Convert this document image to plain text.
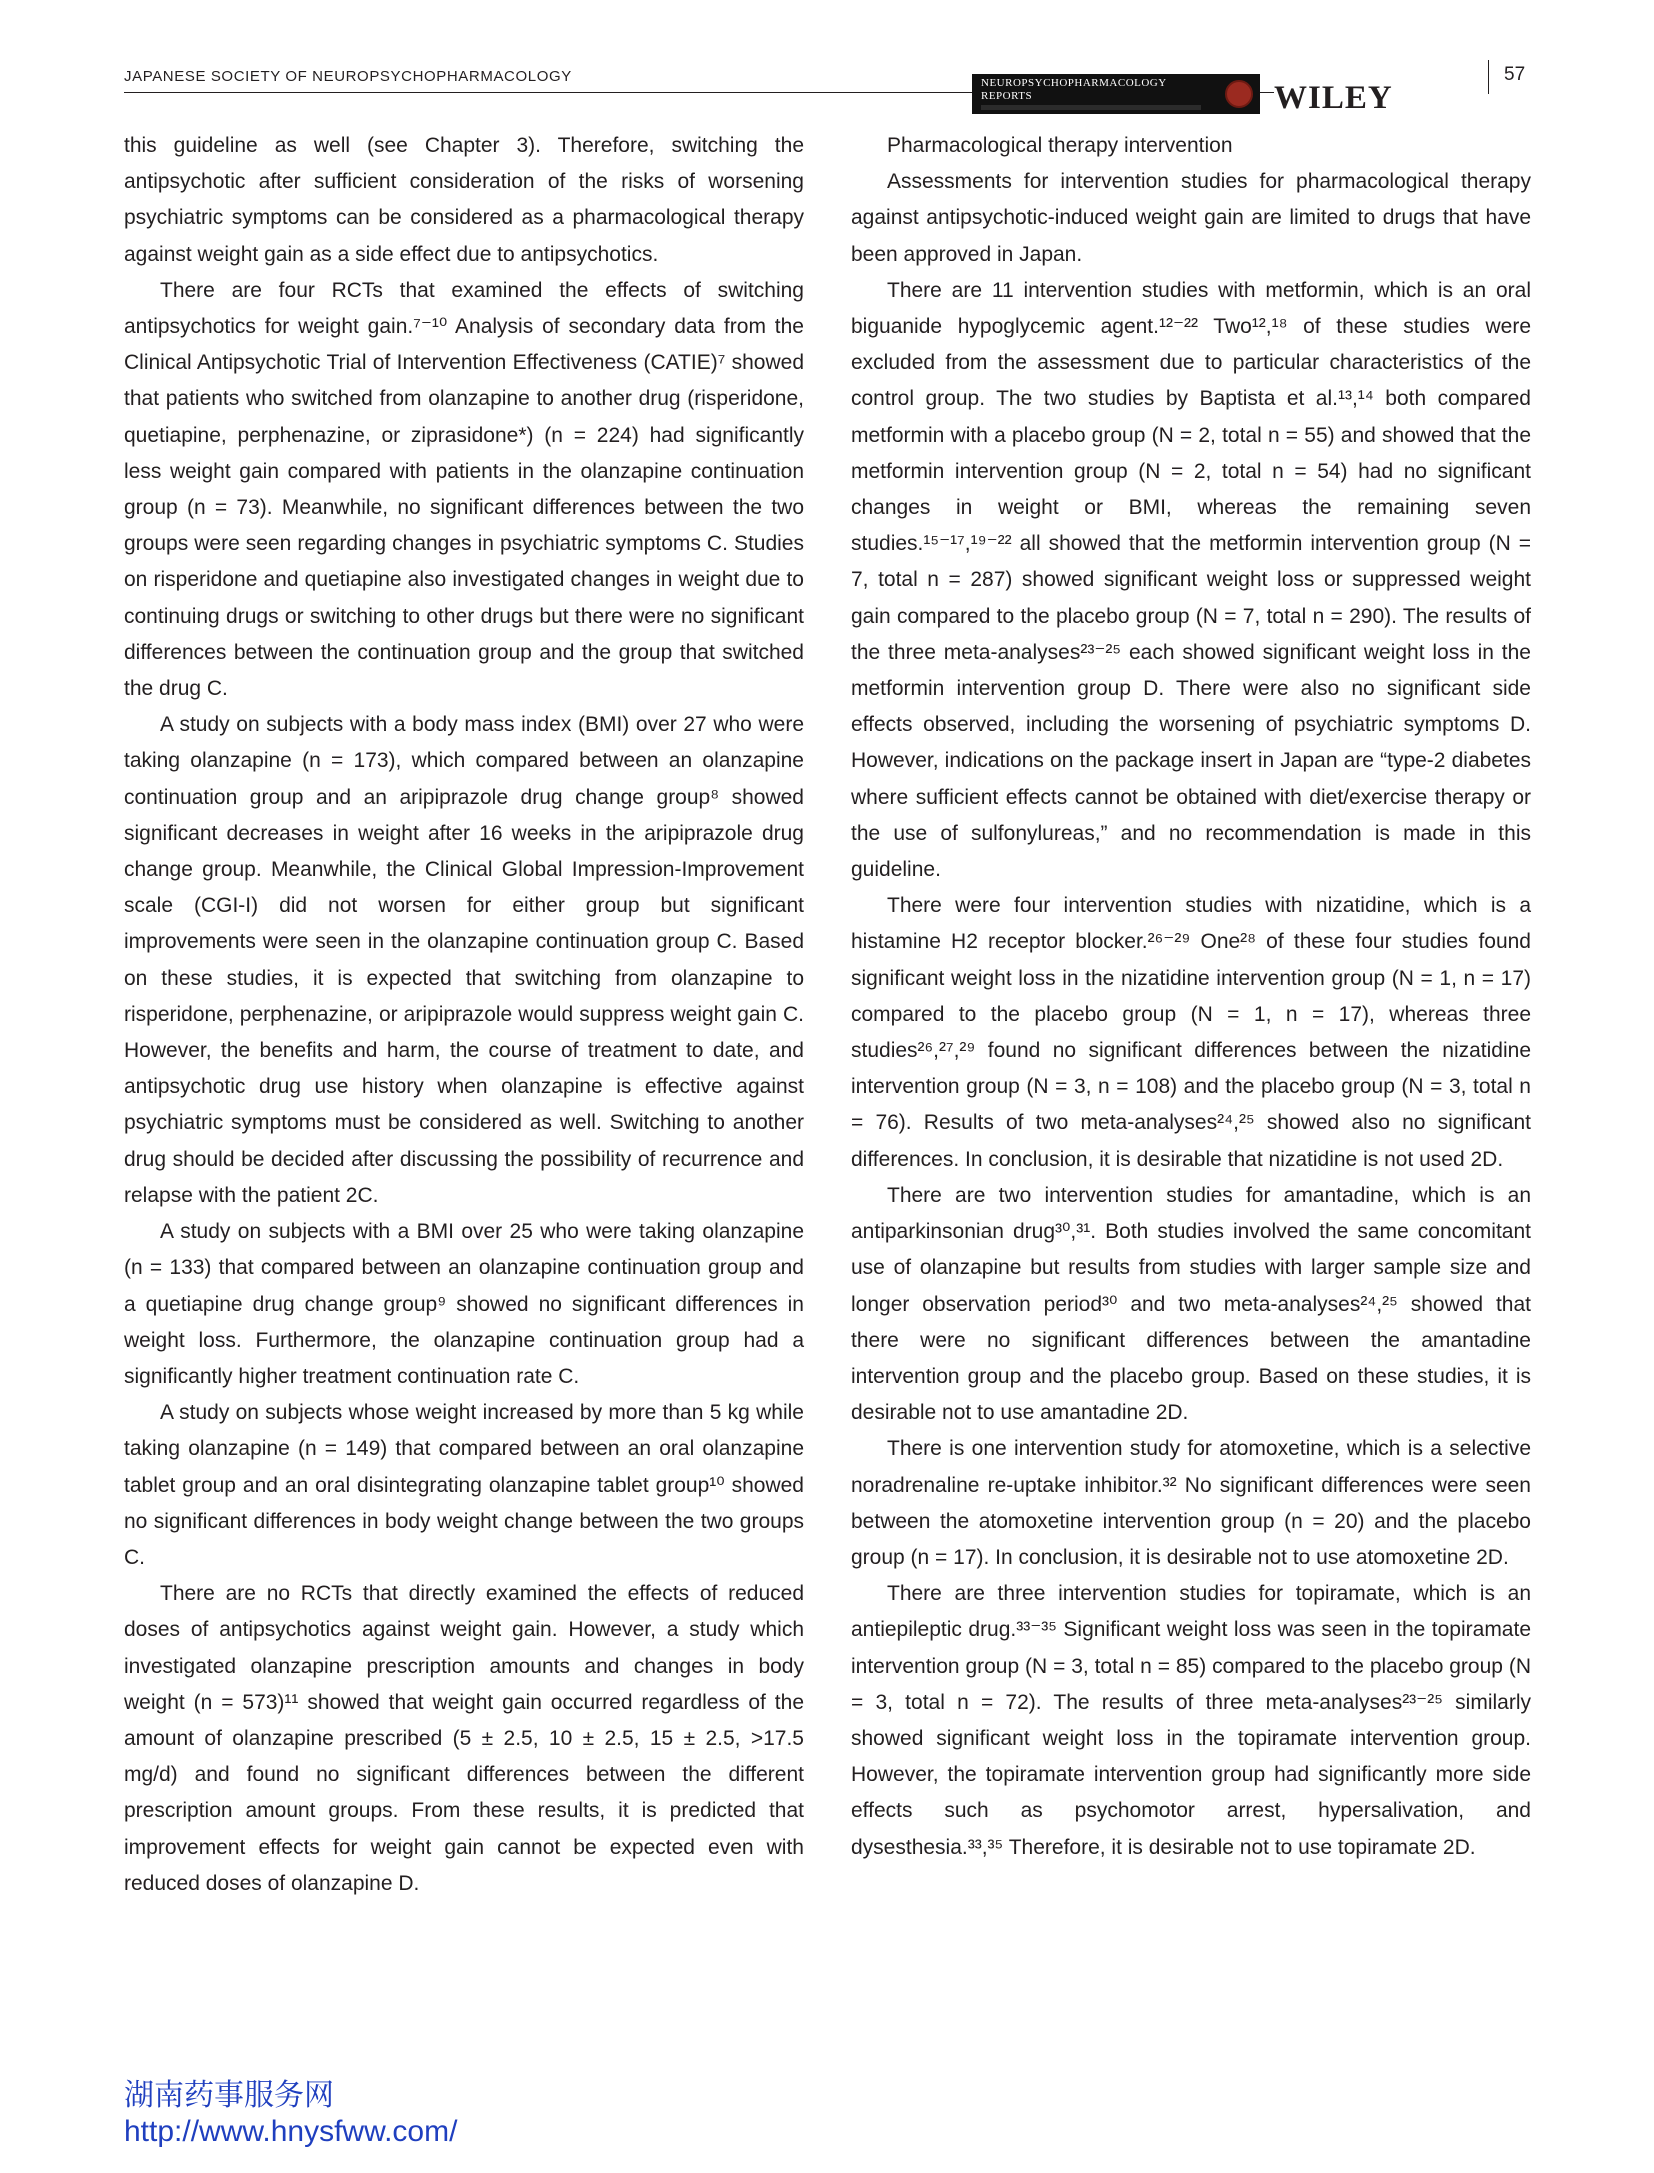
JAPANESE SOCIETY OF NEUROPSYCHOPHARMACOLOGY	NEUROPSYCHOPHARMACOLOGY
REPORTS	WILEY
57

this guideline as well (see Chapter 3). Therefore, switching the antipsychotic after sufficient consideration of the risks of worsening psychiatric symptoms can be considered as a pharmacological therapy against weight gain as a side effect due to antipsychotics.

There are four RCTs that examined the effects of switching antipsychotics for weight gain.⁷⁻¹⁰ Analysis of secondary data from the Clinical Antipsychotic Trial of Intervention Effectiveness (CATIE)⁷ showed that patients who switched from olanzapine to another drug (risperidone, quetiapine, perphenazine, or ziprasidone*) (n = 224) had significantly less weight gain compared with patients in the olanzapine continuation group (n = 73). Meanwhile, no significant differences between the two groups were seen regarding changes in psychiatric symptoms C. Studies on risperidone and quetiapine also investigated changes in weight due to continuing drugs or switching to other drugs but there were no significant differences between the continuation group and the group that switched the drug C.

A study on subjects with a body mass index (BMI) over 27 who were taking olanzapine (n = 173), which compared between an olanzapine continuation group and an aripiprazole drug change group⁸ showed significant decreases in weight after 16 weeks in the aripiprazole drug change group. Meanwhile, the Clinical Global Impression-Improvement scale (CGI-I) did not worsen for either group but significant improvements were seen in the olanzapine continuation group C. Based on these studies, it is expected that switching from olanzapine to risperidone, perphenazine, or aripiprazole would suppress weight gain C. However, the benefits and harm, the course of treatment to date, and antipsychotic drug use history when olanzapine is effective against psychiatric symptoms must be considered as well. Switching to another drug should be decided after discussing the possibility of recurrence and relapse with the patient 2C.

A study on subjects with a BMI over 25 who were taking olanzapine (n = 133) that compared between an olanzapine continuation group and a quetiapine drug change group⁹ showed no significant differences in weight loss. Furthermore, the olanzapine continuation group had a significantly higher treatment continuation rate C.

A study on subjects whose weight increased by more than 5 kg while taking olanzapine (n = 149) that compared between an oral olanzapine tablet group and an oral disintegrating olanzapine tablet group¹⁰ showed no significant differences in body weight change between the two groups C.

There are no RCTs that directly examined the effects of reduced doses of antipsychotics against weight gain. However, a study which investigated olanzapine prescription amounts and changes in body weight (n = 573)¹¹ showed that weight gain occurred regardless of the amount of olanzapine prescribed (5 ± 2.5, 10 ± 2.5, 15 ± 2.5, >17.5 mg/d) and found no significant differences between the different prescription amount groups. From these results, it is predicted that improvement effects for weight gain cannot be expected even with reduced doses of olanzapine D.

Pharmacological therapy intervention

Assessments for intervention studies for pharmacological therapy against antipsychotic-induced weight gain are limited to drugs that have been approved in Japan.

There are 11 intervention studies with metformin, which is an oral biguanide hypoglycemic agent.¹²⁻²² Two¹²,¹⁸ of these studies were excluded from the assessment due to particular characteristics of the control group. The two studies by Baptista et al.¹³,¹⁴ both compared metformin with a placebo group (N = 2, total n = 55) and showed that the metformin intervention group (N = 2, total n = 54) had no significant changes in weight or BMI, whereas the remaining seven studies.¹⁵⁻¹⁷,¹⁹⁻²² all showed that the metformin intervention group (N = 7, total n = 287) showed significant weight loss or suppressed weight gain compared to the placebo group (N = 7, total n = 290). The results of the three meta-analyses²³⁻²⁵ each showed significant weight loss in the metformin intervention group D. There were also no significant side effects observed, including the worsening of psychiatric symptoms D. However, indications on the package insert in Japan are “type-2 diabetes where sufficient effects cannot be obtained with diet/exercise therapy or the use of sulfonylureas,” and no recommendation is made in this guideline.

There were four intervention studies with nizatidine, which is a histamine H2 receptor blocker.²⁶⁻²⁹ One²⁸ of these four studies found significant weight loss in the nizatidine intervention group (N = 1, n = 17) compared to the placebo group (N = 1, n = 17), whereas three studies²⁶,²⁷,²⁹ found no significant differences between the nizatidine intervention group (N = 3, n = 108) and the placebo group (N = 3, total n = 76). Results of two meta-analyses²⁴,²⁵ showed also no significant differences. In conclusion, it is desirable that nizatidine is not used 2D.

There are two intervention studies for amantadine, which is an antiparkinsonian drug³⁰,³¹. Both studies involved the same concomitant use of olanzapine but results from studies with larger sample size and longer observation period³⁰ and two meta-analyses²⁴,²⁵ showed that there were no significant differences between the amantadine intervention group and the placebo group. Based on these studies, it is desirable not to use amantadine 2D.

There is one intervention study for atomoxetine, which is a selective noradrenaline re-uptake inhibitor.³² No significant differences were seen between the atomoxetine intervention group (n = 20) and the placebo group (n = 17). In conclusion, it is desirable not to use atomoxetine 2D.

There are three intervention studies for topiramate, which is an antiepileptic drug.³³⁻³⁵ Significant weight loss was seen in the topiramate intervention group (N = 3, total n = 85) compared to the placebo group (N = 3, total n = 72). The results of three meta-analyses²³⁻²⁵ similarly showed significant weight loss in the topiramate intervention group. However, the topiramate intervention group had significantly more side effects such as psychomotor arrest, hypersalivation, and dysesthesia.³³,³⁵ Therefore, it is desirable not to use topiramate 2D.

湖南药事服务网
http://www.hnysfww.com/
